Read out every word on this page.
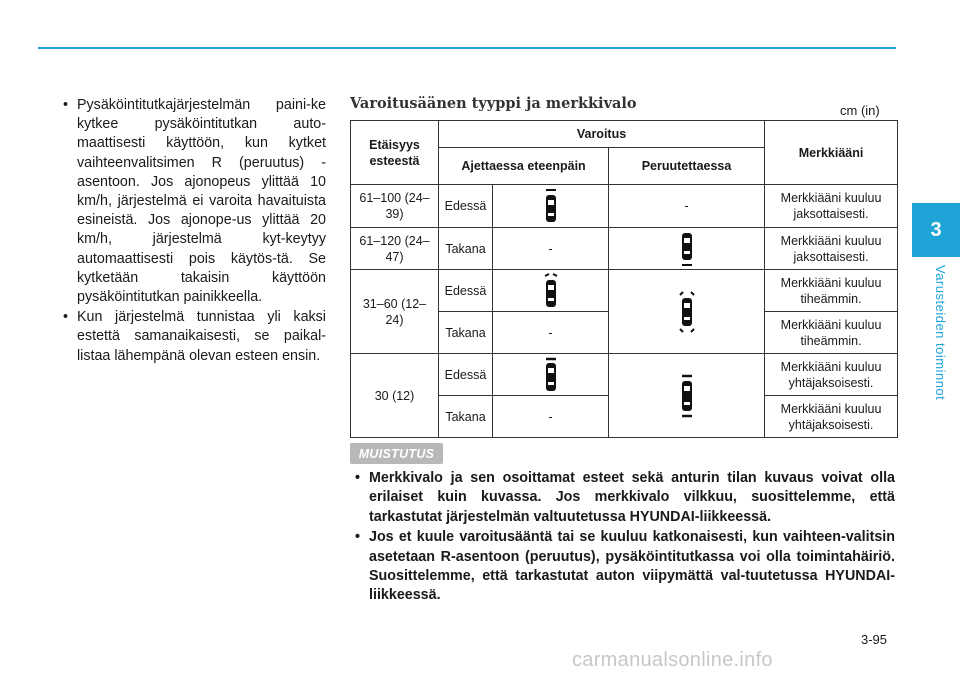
3
Varusteiden toiminnot
• Pysäköintitutkajärjestelmän paini-ke kytkee pysäköintitutkan auto-maattisesti käyttöön, kun kytket vaihteenvalitsimen R (peruutus) -asentoon. Jos ajonopeus ylittää 10 km/h, järjestelmä ei varoita havaituista esineistä. Jos ajonope-us ylittää 20 km/h, järjestelmä kyt-keytyy automaattisesti pois käytös-tä. Se kytketään takaisin käyttöön pysäköintitutkan painikkeella.
• Kun järjestelmä tunnistaa yli kaksi estettä samanaikaisesti, se paikal-listaa lähempänä olevan esteen ensin.
Varoitusäänen tyyppi ja merkkivalo	cm (in)
Etäisyys esteestä	Varoitus			Merkkiääni
	Ajettaessa eteenpäin		Peruutettaessa	
61–100 (24–39)	Edessä		-	Merkkiääni kuuluu jaksottaisesti.
61–120 (24–47)	Takana	-		Merkkiääni kuuluu jaksottaisesti.
31–60 (12–24)	Edessä			Merkkiääni kuuluu tiheämmin.
	Takana	-		Merkkiääni kuuluu tiheämmin.
30 (12)	Edessä			Merkkiääni kuuluu yhtäjaksoisesti.
	Takana	-		Merkkiääni kuuluu yhtäjaksoisesti.
MUISTUTUS
• Merkkivalo ja sen osoittamat esteet sekä anturin tilan kuvaus voivat olla erilaiset kuin kuvassa. Jos merkkivalo vilkkuu, suosittelemme, että tarkastutat järjestelmän valtuutetussa HYUNDAI-liikkeessä.
• Jos et kuule varoitusääntä tai se kuuluu katkonaisesti, kun vaihteen-valitsin asetetaan R-asentoon (peruutus), pysäköintitutkassa voi olla toimintahäiriö. Suosittelemme, että tarkastutat auton viipymättä val-tuutetussa HYUNDAI-liikkeessä.
3-95
carmanualsonline.info
